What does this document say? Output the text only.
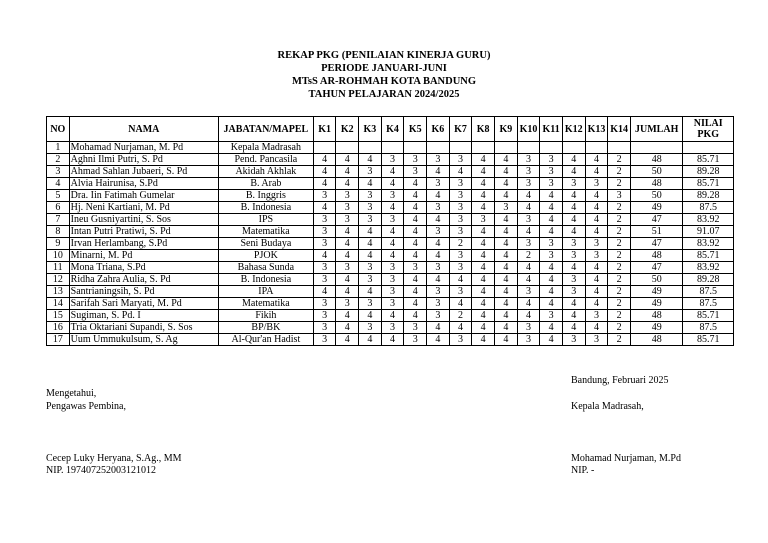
REKAP PKG (PENILAIAN KINERJA GURU)
PERIODE JANUARI-JUNI
MTsS AR-ROHMAH KOTA BANDUNG
TAHUN PELAJARAN 2024/2025
NO	NAMA	JABATAN/MAPEL	K1	K2	K3	K4	K5	K6	K7	K8	K9	K10	K11	K12	K13	K14	JUMLAH	NILAI
PKG
1	Mohamad Nurjaman, M. Pd	Kepala Madrasah																
2	Aghni Ilmi Putri, S. Pd	Pend. Pancasila	4	4	4	3	3	3	3	4	4	3	3	4	4	2	48	85.71
3	Ahmad Sahlan Jubaeri, S. Pd	Akidah Akhlak	4	4	3	4	3	4	4	4	4	3	3	4	4	2	50	89.28
4	Alvia Hairunisa, S.Pd	B. Arab	4	4	4	4	4	3	3	4	4	3	3	3	3	2	48	85.71
5	Dra. Iin Fatimah Gumelar	B. Inggris	3	3	3	3	4	4	3	4	4	4	4	4	4	3	50	89.28
6	Hj. Neni Kartiani, M. Pd	B. Indonesia	4	3	3	4	4	3	3	4	3	4	4	4	4	2	49	87.5
7	Ineu Gusniyartini, S. Sos	IPS	3	3	3	3	4	4	3	3	4	3	4	4	4	2	47	83.92
8	Intan Putri Pratiwi, S. Pd	Matematika	3	4	4	4	4	3	3	4	4	4	4	4	4	2	51	91.07
9	Irvan Herlambang, S.Pd	Seni Budaya	3	4	4	4	4	4	2	4	4	3	3	3	3	2	47	83.92
10	Minarni, M. Pd	PJOK	4	4	4	4	4	4	3	4	4	2	3	3	3	2	48	85.71
11	Mona Triana, S.Pd	Bahasa Sunda	3	3	3	3	3	3	3	4	4	4	4	4	4	2	47	83.92
12	Ridha Zahra Aulia, S. Pd	B. Indonesia	3	4	3	3	4	4	4	4	4	4	4	3	4	2	50	89.28
13	Santrianingsih, S. Pd	IPA	4	4	4	3	4	3	3	4	4	3	4	3	4	2	49	87.5
14	Sarifah Sari Maryati, M. Pd	Matematika	3	3	3	3	4	3	4	4	4	4	4	4	4	2	49	87.5
15	Sugiman, S. Pd. I	Fikih	3	4	4	4	4	3	2	4	4	4	3	4	3	2	48	85.71
16	Tria Oktariani Supandi, S. Sos	BP/BK	3	4	3	3	3	4	4	4	4	3	4	4	4	2	49	87.5
17	Uum Ummukulsum, S. Ag	Al-Qur'an Hadist	3	4	4	4	3	4	3	4	4	3	4	3	3	2	48	85.71
Bandung, Februari 2025
Mengetahui,
Pengawas Pembina,	Kepala Madrasah,
Cecep Luky Heryana, S.Ag., MM
NIP. 197407252003121012
Mohamad Nurjaman, M.Pd
NIP. -
